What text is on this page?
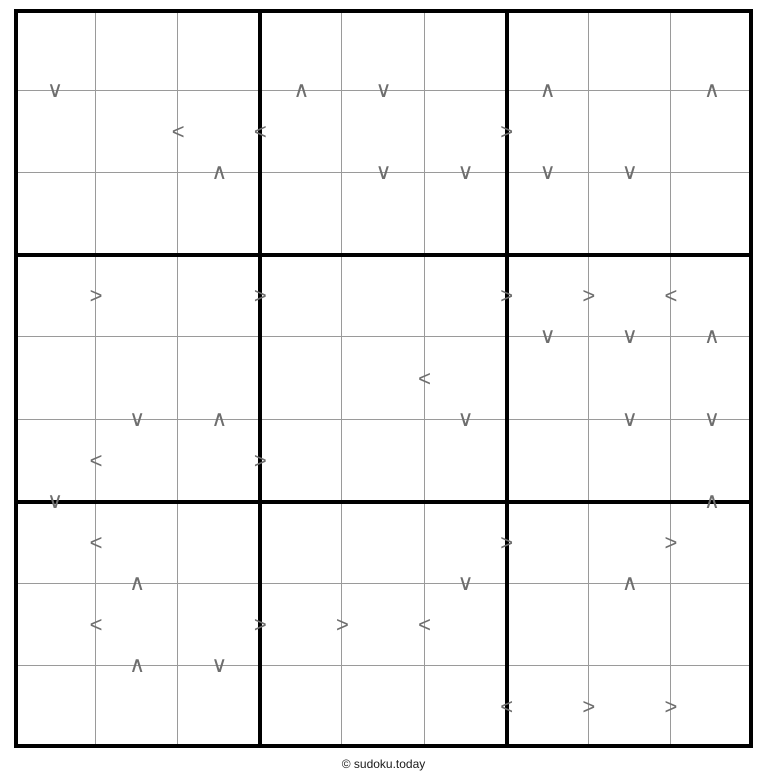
<	<	>
>	>	>	>	<
<
<	>
<	>	>
<	>	>	<
<	>	>
∨	∧	∨	∧	∧
∧	∨	∨	∨	∨
∨	∨	∧
∨	∧	∨	∨	∨
∨	∧
∧	∨	∧
∧	∨
© sudoku.today
